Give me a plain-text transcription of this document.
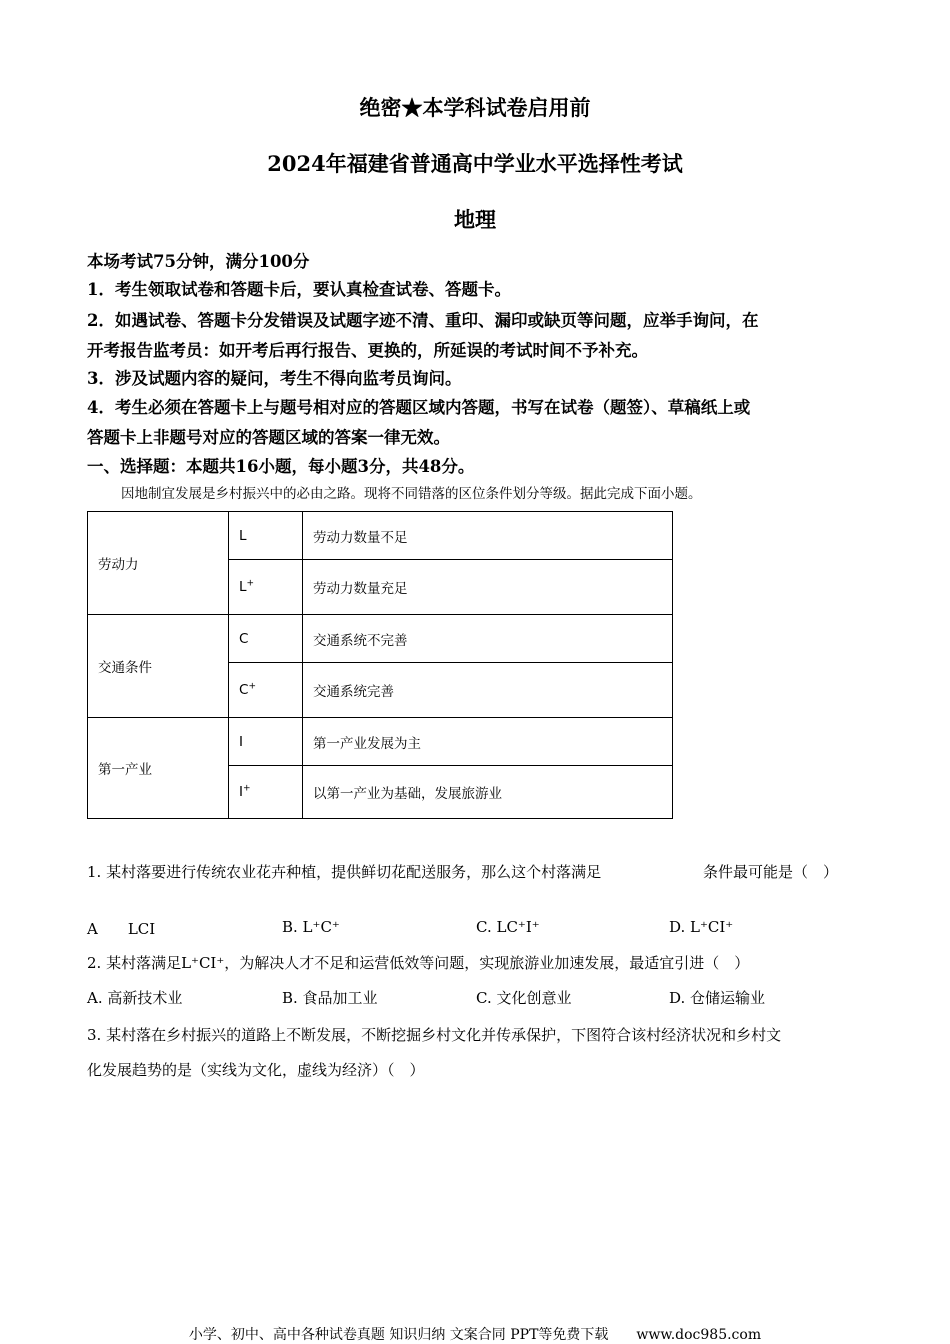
绝密★本学科试卷启用前
2024年福建省普通高中学业水平选择性考试
地理
本场考试75分钟，满分100分
1．考生领取试卷和答题卡后，要认真检查试卷、答题卡。
2．如遇试卷、答题卡分发错误及试题字迹不清、重印、漏印或缺页等问题，应举手询问，在
开考报告监考员：如开考后再行报告、更换的，所延误的考试时间不予补充。
3．涉及试题内容的疑问，考生不得向监考员询问。
4．考生必须在答题卡上与题号相对应的答题区域内答题，书写在试卷（题签）、草稿纸上或
答题卡上非题号对应的答题区域的答案一律无效。
一、选择题：本题共16小题，每小题3分，共48分。
因地制宜发展是乡村振兴中的必由之路。现将不同错落的区位条件划分等级。据此完成下面小题。
劳动力	L	劳动力数量不足
	L+	劳动力数量充足
交通条件	C	交通系统不完善
	C+	交通系统完善
第一产业	I	第一产业发展为主
	I+	以第一产业为基础，发展旅游业
1. 某村落要进行传统农业花卉种植，提供鲜切花配送服务，那么这个村落满足	条件最可能是（　）
A　　LCI	B. L⁺C⁺	C. LC⁺I⁺	D. L⁺CI⁺
2. 某村落满足L⁺CI⁺，为解决人才不足和运营低效等问题，实现旅游业加速发展，最适宜引进（　）
A. 高新技术业	B. 食品加工业	C. 文化创意业	D. 仓储运输业
3. 某村落在乡村振兴的道路上不断发展，不断挖掘乡村文化并传承保护，下图符合该村经济状况和乡村文
化发展趋势的是（实线为文化，虚线为经济）（　）
小学、初中、高中各种试卷真题 知识归纳 文案合同 PPT等免费下载　　www.doc985.com
